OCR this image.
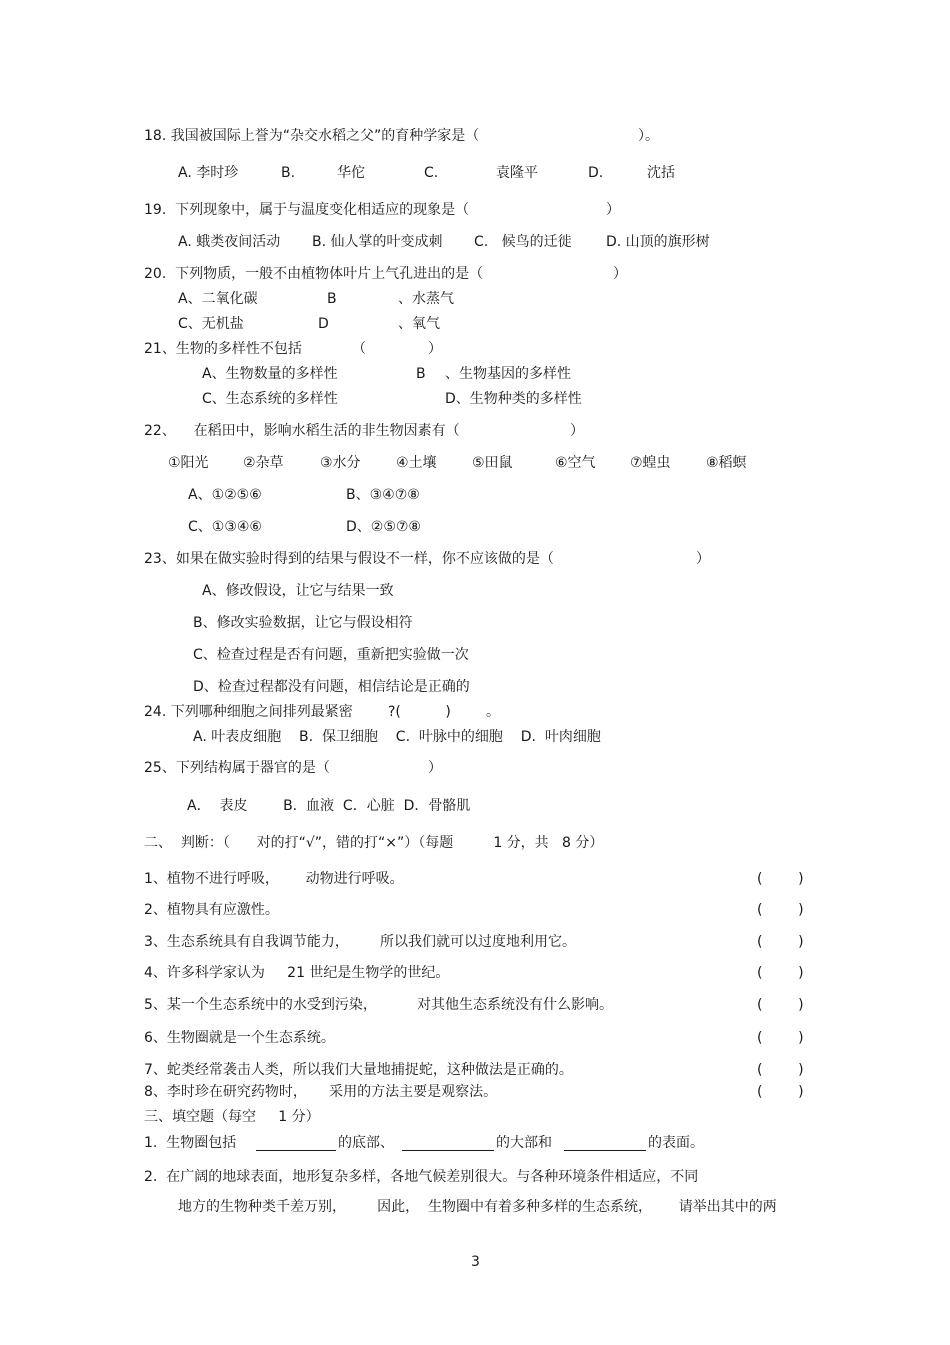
18. 我国被国际上誉为“杂交水稻之父”的育种学家是（	）。
A. 李时珍	B.	华佗	C.	袁隆平	D.	沈括
19.  下列现象中，属于与温度变化相适应的现象是（	）
A. 蛾类夜间活动 B. 仙人掌的叶变成刺 C.   候鸟的迁徙 D. 山顶的旗形树
20.  下列物质，一般不由植物体叶片上气孔进出的是（	）
A、二氧化碳	B	、水蒸气
C、无机盐	D	、氧气
21、生物的多样性不包括	（	）
A、生物数量的多样性	B 、生物基因的多样性
C、生态系统的多样性	D、生物种类的多样性
22、    在稻田中，影响水稻生活的非生物因素有（	）
①阳光 ②杂草	③水分	④土壤	⑤田鼠	⑥空气 ⑦蝗虫	⑧稻螟
A、①②⑤⑥	B、③④⑦⑧
C、①③④⑥	D、②⑤⑦⑧
23、如果在做实验时得到的结果与假设不一样，你不应该做的是（	）
A、修改假设，让它与结果一致
B、修改实验数据，让它与假设相符
C、检查过程是否有问题，重新把实验做一次
D、检查过程都没有问题，相信结论是正确的
24. 下列哪种细胞之间排列最紧密	?(          )	。
A. 叶表皮细胞    B.  保卫细胞    C.  叶脉中的细胞    D.  叶肉细胞
25、下列结构属于器官的是（	）
A．  表皮        B.  血液  C．心脏  D．骨骼肌
二、  判断：（      对的打“√”，错的打“×”）（每题         1 分，共   8 分）
1、植物不进行呼吸，      动物进行呼吸。	(        )
2、植物具有应激性。	(        )
3、生态系统具有自我调节能力，       所以我们就可以过度地利用它。	(        )
4、许多科学家认为     21 世纪是生物学的世纪。	(        )
5、某一个生态系统中的水受到污染，         对其他生态系统没有什么影响。	(        )
6、生物圈就是一个生态系统。	(        )
7、蛇类经常袭击人类，所以我们大量地捕捉蛇，这种做法是正确的。	(        )
8、李时珍在研究药物时，     采用的方法主要是观察法。	(        )
三、填空题（每空     1 分）
1.  生物圈包括	的底部、	的大部和	的表面。
2.  在广阔的地球表面，地形复杂多样，各地气候差别很大。与各种环境条件相适应，不同
地方的生物种类千差万别，       因此，  生物圈中有着多种多样的生态系统，      请举出其中的两
3
